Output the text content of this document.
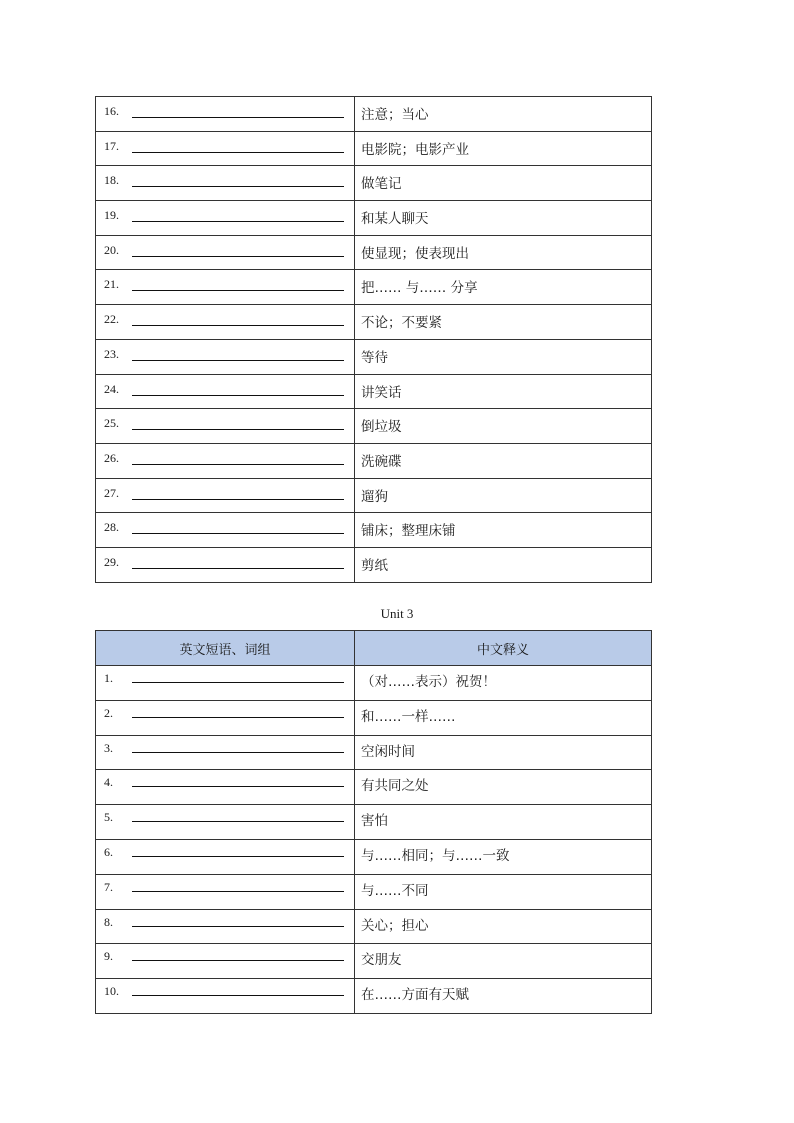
16.	注意；当心

17.	电影院；电影产业

18.	做笔记

19.	和某人聊天

20.	使显现；使表现出

21.	把…… 与…… 分享

22.	不论；不要紧

23.	等待

24.	讲笑话

25.	倒垃圾

26.	洗碗碟

27.	遛狗

28.	铺床；整理床铺

29.	剪纸
Unit 3
英文短语、词组	中文释义

1.	（对……表示）祝贺！

2.	和……一样……

3.	空闲时间

4.	有共同之处

5.	害怕

6.	与……相同；与……一致

7.	与……不同

8.	关心；担心

9.	交朋友

10.	在……方面有天赋
